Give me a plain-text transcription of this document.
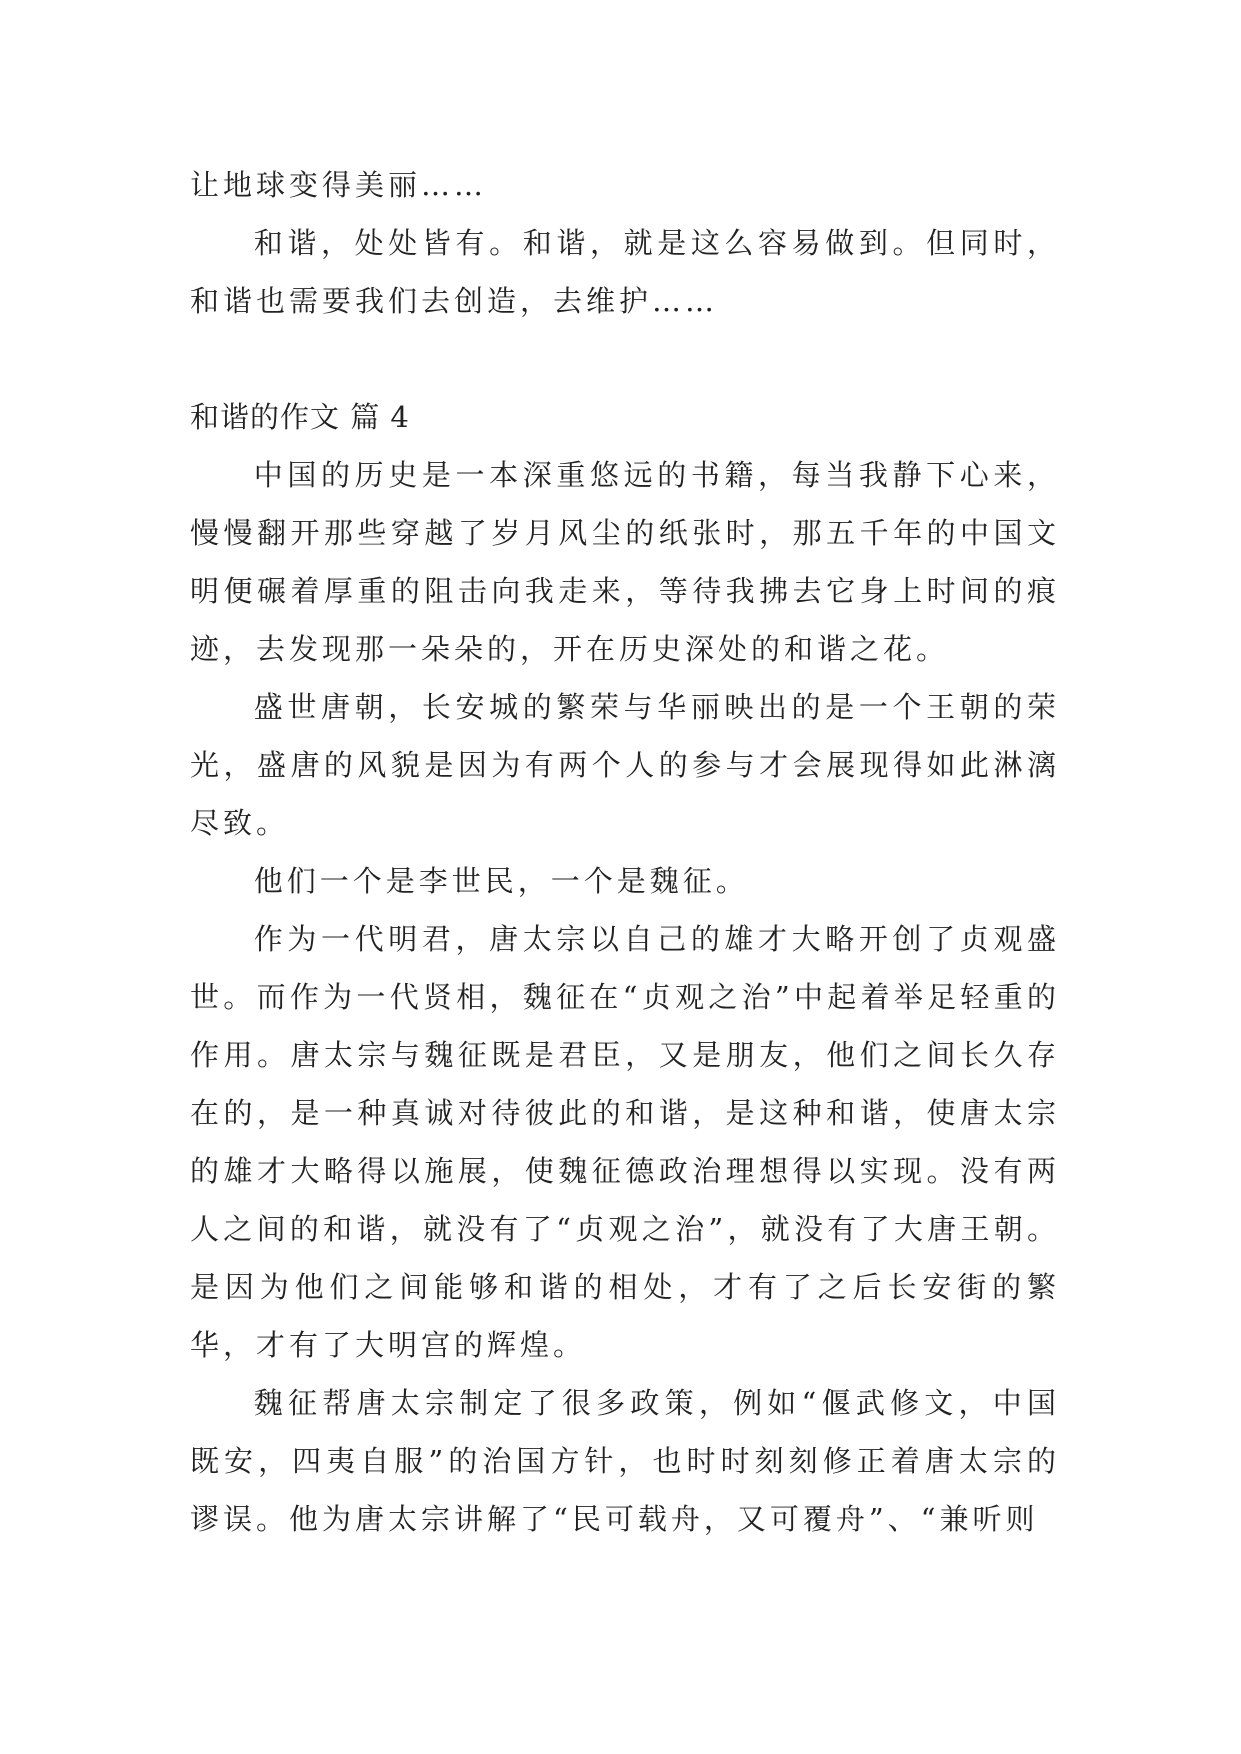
让地球变得美丽……

和谐，处处皆有。和谐，就是这么容易做到。但同时，和谐也需要我们去创造，去维护……

和谐的作文 篇 4

中国的历史是一本深重悠远的书籍，每当我静下心来，慢慢翻开那些穿越了岁月风尘的纸张时，那五千年的中国文明便碾着厚重的阻击向我走来，等待我拂去它身上时间的痕迹，去发现那一朵朵的，开在历史深处的和谐之花。

盛世唐朝，长安城的繁荣与华丽映出的是一个王朝的荣光，盛唐的风貌是因为有两个人的参与才会展现得如此淋漓尽致。

他们一个是李世民，一个是魏征。

作为一代明君，唐太宗以自己的雄才大略开创了贞观盛世。而作为一代贤相，魏征在“贞观之治”中起着举足轻重的作用。唐太宗与魏征既是君臣，又是朋友，他们之间长久存在的，是一种真诚对待彼此的和谐，是这种和谐，使唐太宗的雄才大略得以施展，使魏征德政治理想得以实现。没有两人之间的和谐，就没有了“贞观之治”，就没有了大唐王朝。是因为他们之间能够和谐的相处，才有了之后长安街的繁华，才有了大明宫的辉煌。

魏征帮唐太宗制定了很多政策，例如“偃武修文，中国既安，四夷自服”的治国方针，也时时刻刻修正着唐太宗的谬误。他为唐太宗讲解了“民可载舟，又可覆舟”、“兼听则
